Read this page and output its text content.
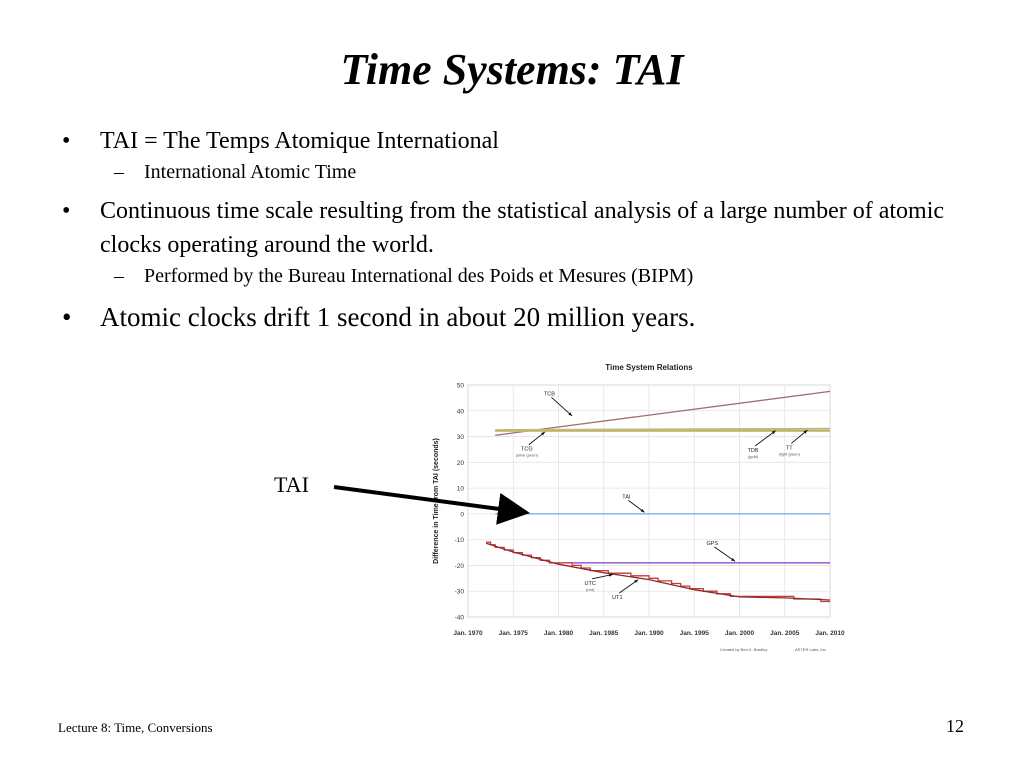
Time Systems: TAI
• TAI = The Temps Atomique International
– International Atomic Time
• Continuous time scale resulting from the statistical analysis of a large number of atomic clocks operating around the world.
– Performed by the Bureau International des Poids et Mesures (BIPM)
• Atomic clocks drift 1 second in about 20 million years.
TAI
50
40
30
20
10
0
-10
-20
-30
-40
Jan. 1970 Jan. 1975 Jan. 1980 Jan. 1985 Jan. 1990 Jan. 1995 Jan. 2000 Jan. 2005 Jan. 2010
Time System Relations
TCB
TCG
(olive green)
TDB
(gold)
TT
(light green)
TAI
GPS
UTC
(red)
UT1
Created by Ben K. Bradley	ASTER Labs, Inc.
Lecture 8: Time, Conversions	12
